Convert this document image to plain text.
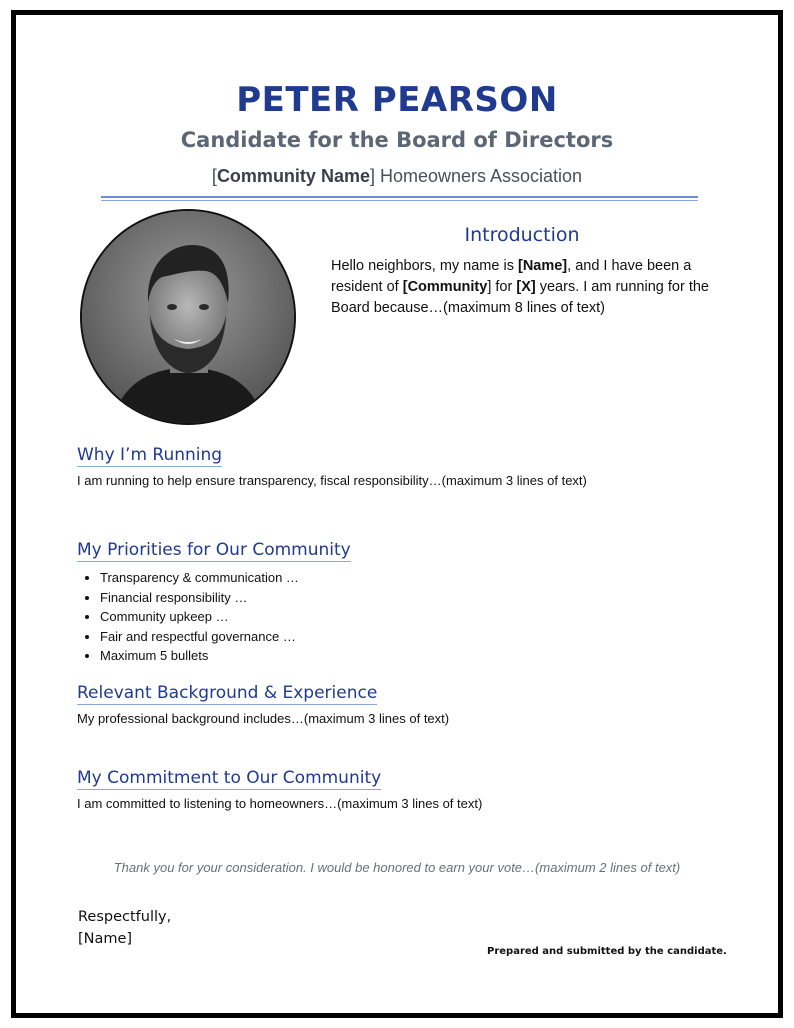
PETER PEARSON
Candidate for the Board of Directors
[Community Name] Homeowners Association
Introduction
Hello neighbors, my name is [Name], and I have been a resident of [Community] for [X] years. I am running for the Board because…(maximum 8 lines of text)
Why I’m Running
I am running to help ensure transparency, fiscal responsibility…(maximum 3 lines of text)
My Priorities for Our Community
• Transparency & communication …
• Financial responsibility …
• Community upkeep …
• Fair and respectful governance …
• Maximum 5 bullets
Relevant Background & Experience
My professional background includes…(maximum 3 lines of text)
My Commitment to Our Community
I am committed to listening to homeowners…(maximum 3 lines of text)
Thank you for your consideration. I would be honored to earn your vote…(maximum 2 lines of text)
Respectfully,
[Name]
Prepared and submitted by the candidate.
